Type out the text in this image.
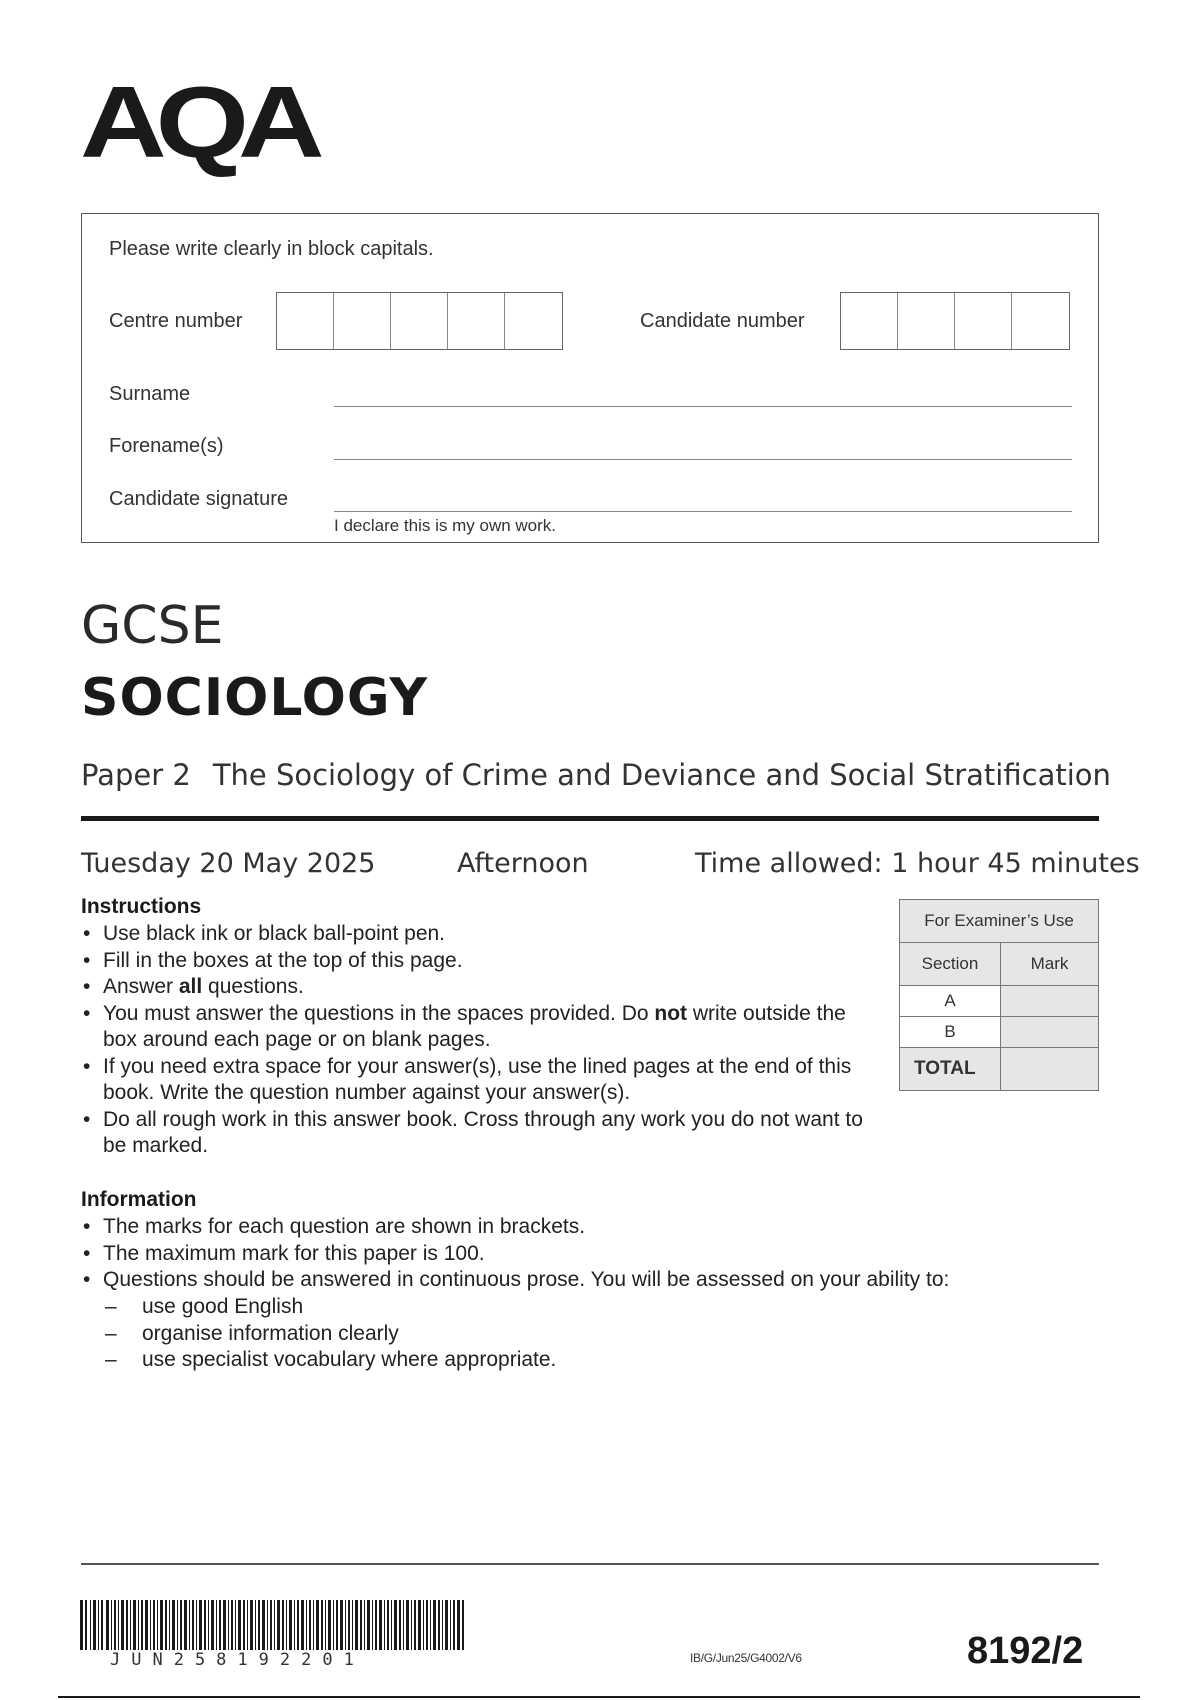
AQA
Please write clearly in block capitals.
Centre number	Candidate number
Surname
Forename(s)
Candidate signature
I declare this is my own work.
GCSE
SOCIOLOGY
Paper 2 The Sociology of Crime and Deviance and Social Stratification
Tuesday 20 May 2025	Afternoon	Time allowed: 1 hour 45 minutes
Instructions
• Use black ink or black ball-point pen.
• Fill in the boxes at the top of this page.
• Answer all questions.
• You must answer the questions in the spaces provided. Do not write outside the box around each page or on blank pages.
• If you need extra space for your answer(s), use the lined pages at the end of this book. Write the question number against your answer(s).
• Do all rough work in this answer book. Cross through any work you do not want to be marked.
Information
• The marks for each question are shown in brackets.
• The maximum mark for this paper is 100.
• Questions should be answered in continuous prose. You will be assessed on your ability to:
– use good English
– organise information clearly
– use specialist vocabulary where appropriate.
For Examiner’s Use	
Section	Mark
A	
B	
TOTAL	
JUN258192201	IB/G/Jun25/G4002/V6	8192/2
